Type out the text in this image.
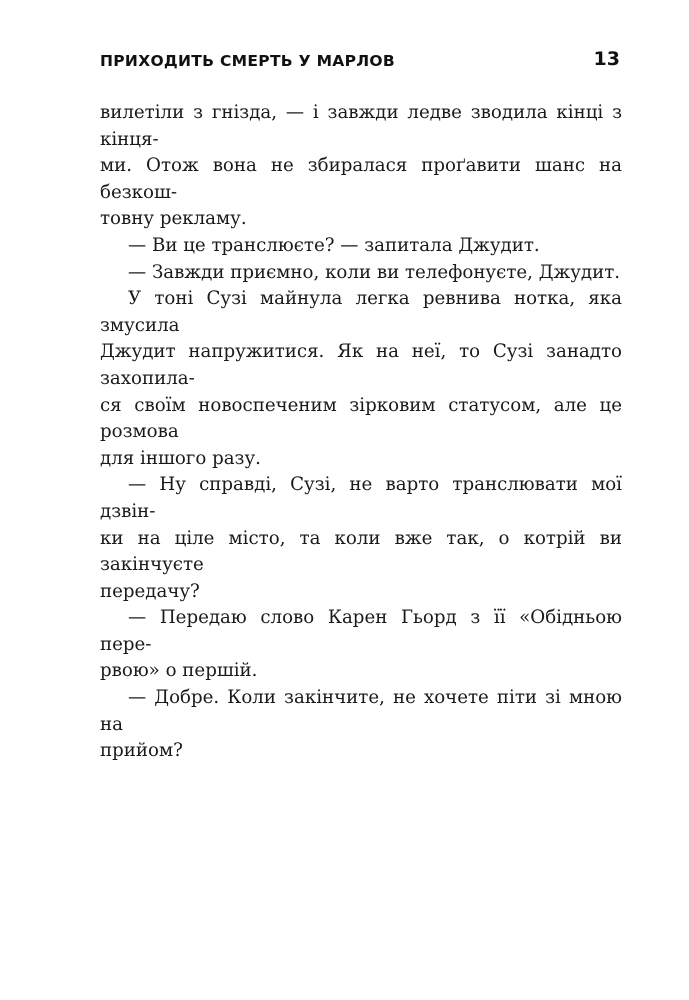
ПРИХОДИТЬ СМЕРТЬ У МАРЛОВ	13

вилетіли з гнізда, — і завжди ледве зводила кінці з кінця-
ми. Отож вона не збиралася проґавити шанс на безкош-
товну рекламу.

— Ви це транслюєте? — запитала Джудит.

— Завжди приємно, коли ви телефонуєте, Джудит.

У тоні Сузі майнула легка ревнива нотка, яка змусила
Джудит напружитися. Як на неї, то Сузі занадто захопила-
ся своїм новоспеченим зірковим статусом, але це розмова
для іншого разу.

— Ну справді, Сузі, не варто транслювати мої дзвін-
ки на ціле місто, та коли вже так, о котрій ви закінчуєте
передачу?

— Передаю слово Карен Гьорд з її «Обідньою пере-
рвою» о першій.

— Добре. Коли закінчите, не хочете піти зі мною на
прийом?
